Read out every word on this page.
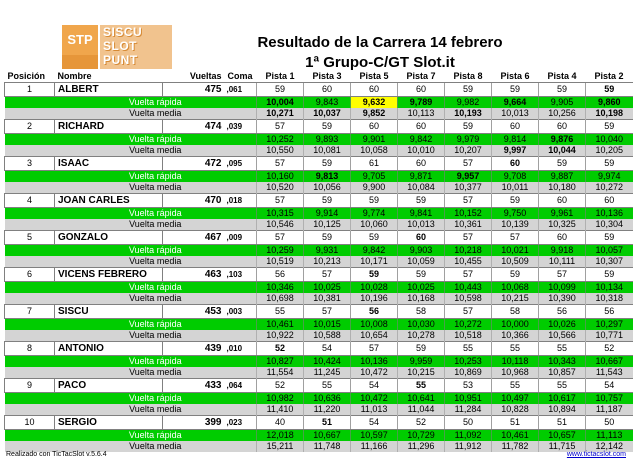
STP SISCU
SLOT
PUNT
Resultado de la Carrera 14 febrero
1ª Grupo-C/GT Slot.it
Posición	Nombre	Vueltas	Coma	Pista 1	Pista 3	Pista 5	Pista 7	Pista 8	Pista 6	Pista 4	Pista 2
1	ALBERT	475	,061	59	60	60	60	59	59	59	59
	Vuelta rápida			10,004	9,843	9,632	9,789	9,982	9,664	9,905	9,860
	Vuelta media			10,271	10,037	9,852	10,113	10,193	10,013	10,256	10,198
2	RICHARD	474	,039	57	59	60	60	59	60	60	59
	Vuelta rápida			10,252	9,893	9,901	9,842	9,979	9,814	9,876	10,040
	Vuelta media			10,550	10,081	10,058	10,010	10,207	9,997	10,044	10,205
3	ISAAC	472	,095	57	59	61	60	57	60	59	59
	Vuelta rápida			10,160	9,813	9,705	9,871	9,957	9,708	9,887	9,974
	Vuelta media			10,520	10,056	9,900	10,084	10,377	10,011	10,180	10,272
4	JOAN CARLES	470	,018	57	59	59	59	57	59	60	60
	Vuelta rápida			10,315	9,914	9,774	9,841	10,152	9,750	9,961	10,136
	Vuelta media			10,546	10,125	10,060	10,013	10,361	10,139	10,325	10,304
5	GONZALO	467	,009	57	59	59	60	57	57	60	59
	Vuelta rápida			10,259	9,931	9,842	9,903	10,218	10,021	9,918	10,057
	Vuelta media			10,519	10,213	10,171	10,059	10,455	10,509	10,111	10,307
6	VICENS FEBRERO	463	,103	56	57	59	59	57	59	57	59
	Vuelta rápida			10,346	10,025	10,028	10,025	10,443	10,068	10,099	10,134
	Vuelta media			10,698	10,381	10,196	10,168	10,598	10,215	10,390	10,318
7	SISCU	453	,003	55	57	56	58	57	58	56	56
	Vuelta rápida			10,461	10,015	10,008	10,030	10,272	10,000	10,026	10,297
	Vuelta media			10,922	10,588	10,654	10,278	10,518	10,366	10,566	10,771
8	ANTONIO	439	,010	52	54	57	59	55	55	55	52
	Vuelta rápida			10,827	10,424	10,136	9,959	10,253	10,118	10,343	10,667
	Vuelta media			11,554	11,245	10,472	10,215	10,869	10,968	10,857	11,543
9	PACO	433	,064	52	55	54	55	53	55	55	54
	Vuelta rápida			10,982	10,636	10,472	10,641	10,951	10,497	10,617	10,757
	Vuelta media			11,410	11,220	11,013	11,044	11,284	10,828	10,894	11,187
10	SERGIO	399	,023	40	51	54	52	50	51	51	50
	Vuelta rápida			12,018	10,667	10,597	10,729	11,092	10,461	10,657	11,113
	Vuelta media			15,211	11,748	11,166	11,296	11,912	11,782	11,715	12,142
Realizado con TicTacSlot v.5.6.4	www.tictacslot.com
